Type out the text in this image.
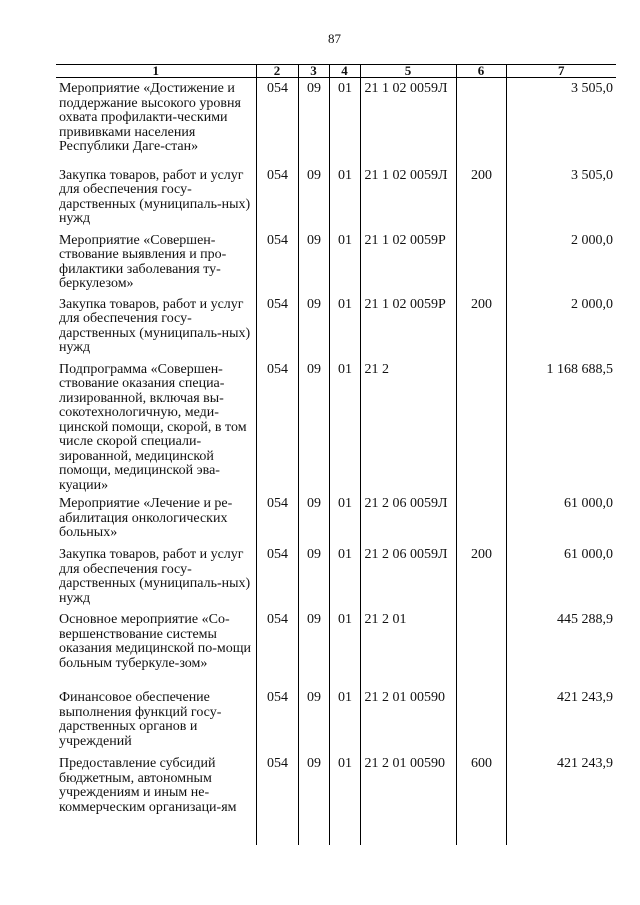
87
1	2	3	4	5	6	7
Мероприятие «Достижение и поддержание высокого уровня охвата профилакти-ческими прививками населения Республики Даге-стан»	054	09	01	21 1 02 0059Л		3 505,0
Закупка товаров, работ и услуг для обеспечения госу-дарственных (муниципаль-ных) нужд	054	09	01	21 1 02 0059Л	200	3 505,0
Мероприятие «Совершен-ствование выявления и про-филактики заболевания ту-беркулезом»	054	09	01	21 1 02 0059Р		2 000,0
Закупка товаров, работ и услуг для обеспечения госу-дарственных (муниципаль-ных) нужд	054	09	01	21 1 02 0059Р	200	2 000,0
Подпрограмма «Совершен-ствование оказания специа-лизированной, включая вы-сокотехнологичную, меди-цинской помощи, скорой, в том числе скорой специали-зированной, медицинской помощи, медицинской эва-куации»	054	09	01	21 2		1 168 688,5
Мероприятие «Лечение и ре-абилитация онкологических больных»	054	09	01	21 2 06 0059Л		61 000,0
Закупка товаров, работ и услуг для обеспечения госу-дарственных (муниципаль-ных) нужд	054	09	01	21 2 06 0059Л	200	61 000,0
Основное мероприятие «Со-вершенствование системы оказания медицинской по-мощи больным туберкуле-зом»	054	09	01	21 2 01		445 288,9
Финансовое обеспечение выполнения функций госу-дарственных органов и учреждений	054	09	01	21 2 01 00590		421 243,9
Предоставление субсидий бюджетным, автономным учреждениям и иным не-коммерческим организаци-ям	054	09	01	21 2 01 00590	600	421 243,9
